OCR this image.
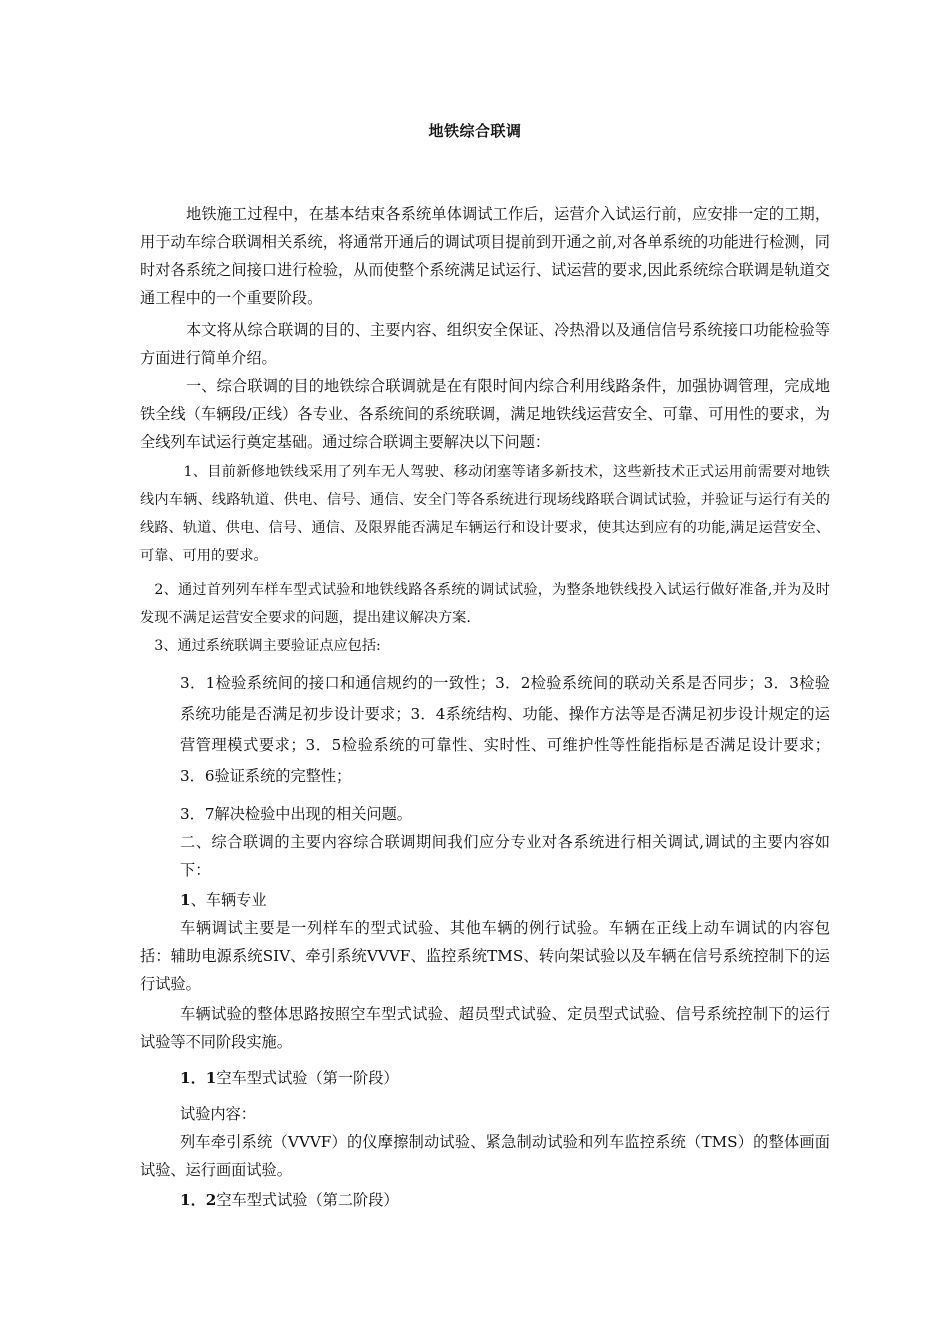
地铁综合联调

　　　地铁施工过程中，在基本结束各系统单体调试工作后，运营介入试运行前，应安排一定的工期，用于动车综合联调相关系统，将通常开通后的调试项目提前到开通之前,对各单系统的功能进行检测，同时对各系统之间接口进行检验，从而使整个系统满足试运行、试运营的要求,因此系统综合联调是轨道交通工程中的一个重要阶段。

　　　本文将从综合联调的目的、主要内容、组织安全保证、冷热滑以及通信信号系统接口功能检验等方面进行简单介绍。

　　　一、综合联调的目的地铁综合联调就是在有限时间内综合利用线路条件，加强协调管理，完成地铁全线（车辆段/正线）各专业、各系统间的系统联调，满足地铁线运营安全、可靠、可用性的要求，为全线列车试运行奠定基础。通过综合联调主要解决以下问题：

　　　1、目前新修地铁线采用了列车无人驾驶、移动闭塞等诸多新技术，这些新技术正式运用前需要对地铁线内车辆、线路轨道、供电、信号、通信、安全门等各系统进行现场线路联合调试试验，并验证与运行有关的线路、轨道、供电、信号、通信、及限界能否满足车辆运行和设计要求，使其达到应有的功能,满足运营安全、可靠、可用的要求。

　2、通过首列列车样车型式试验和地铁线路各系统的调试试验，为整条地铁线投入试运行做好准备,并为及时发现不满足运营安全要求的问题，提出建议解决方案.

　3、通过系统联调主要验证点应包括:

3．1检验系统间的接口和通信规约的一致性；3．2检验系统间的联动关系是否同步；3．3检验系统功能是否满足初步设计要求；3．4系统结构、功能、操作方法等是否满足初步设计规定的运营管理模式要求；3．5检验系统的可靠性、实时性、可维护性等性能指标是否满足设计要求；3．6验证系统的完整性；

3．7解决检验中出现的相关问题。

二、综合联调的主要内容综合联调期间我们应分专业对各系统进行相关调试,调试的主要内容如下：

1、车辆专业

车辆调试主要是一列样车的型式试验、其他车辆的例行试验。车辆在正线上动车调试的内容包括：辅助电源系统SIV、牵引系统VVVF、监控系统TMS、转向架试验以及车辆在信号系统控制下的运行试验。

车辆试验的整体思路按照空车型式试验、超员型式试验、定员型式试验、信号系统控制下的运行试验等不同阶段实施。

1．1空车型式试验（第一阶段）

试验内容：

列车牵引系统（VVVF）的仪摩擦制动试验、紧急制动试验和列车监控系统（TMS）的整体画面试验、运行画面试验。

1．2空车型式试验（第二阶段）
